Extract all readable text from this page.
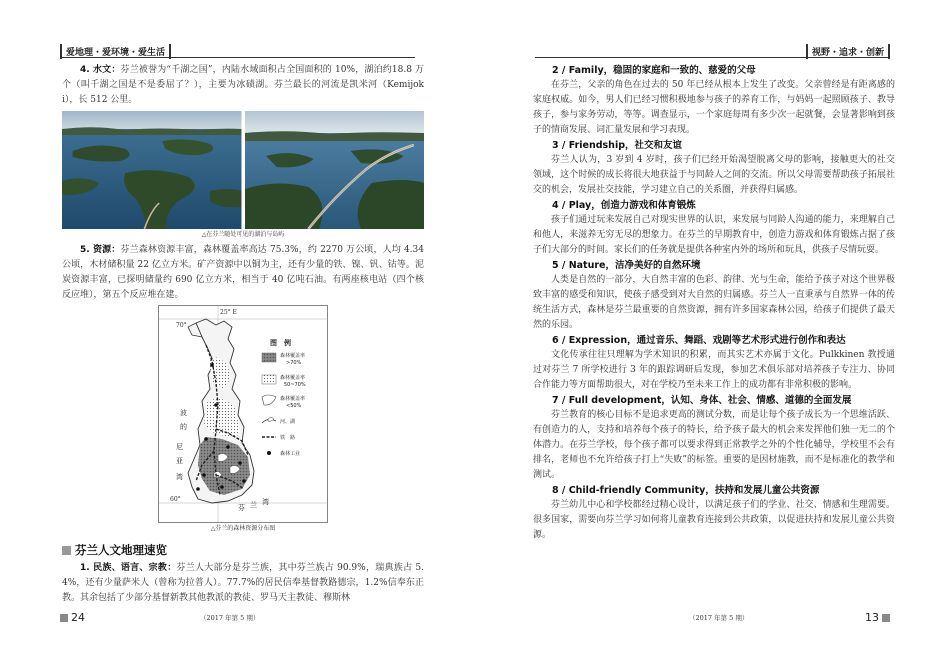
爱地理・爱环境・爱生活

4. 水文：芬兰被誉为“千湖之国”，内陆水域面积占全国面积的 10%，湖泊约18.8 万个（叫千湖之国是不是委屈了？），主要为冰碛湖。芬兰最长的河流是凯米河（Kemijoki），长 512 公里。

△在芬兰随处可见的湖泊与岛屿

5. 资源：芬兰森林资源丰富，森林覆盖率高达 75.3%，约 2270 万公顷，人均 4.34公顷，木材储积量 22 亿立方米。矿产资源中以铜为主，还有少量的铁、镍、钒、钴等。泥炭资源丰富，已探明储量约 690 亿立方米，相当于 40 亿吨石油。有两座核电站（四个核反应堆），第五个反应堆在建。

25° E
70°
60°
波
的
尼
亚
湾
芬 兰 湾
图　例
森林覆盖率
>70%
森林覆盖率
50~70%
森林覆盖率
<50%
河、湖
铁　路
森林工业
△芬兰的森林资源分布图
芬兰人文地理速览

1. 民族、语言、宗教：芬兰人大部分是芬兰族，其中芬兰族占 90.9%，瑞典族占 5.4%，还有少量萨米人（曾称为拉普人）。77.7%的居民信奉基督教路德宗，1.2%信奉东正教。其余包括了少部分基督新教其他教派的教徒、罗马天主教徒、穆斯林

24	（2017 年第 5 期）
视野・追求・创新
2 / Family，稳固的家庭和一致的、慈爱的父母

在芬兰，父亲的角色在过去的 50 年已经从根本上发生了改变。父亲曾经是有距离感的家庭权威。如今，男人们已经习惯积极地参与孩子的养育工作，与妈妈一起照顾孩子、教导孩子，参与家务劳动，等等。调查显示，一个家庭每周有多少次一起就餐，会显著影响到孩子的情商发展、词汇量发展和学习表现。

3 / Friendship，社交和友谊

芬兰人认为，3 岁到 4 岁时，孩子们已经开始渴望脱离父母的影响，接触更大的社交领域，这个时候的成长将很大地获益于与同龄人之间的交流。所以父母需要帮助孩子拓展社交的机会，发展社交技能，学习建立自己的关系圈，并获得归属感。

4 / Play，创造力游戏和体育锻炼

孩子们通过玩来发展自己对现实世界的认识，来发展与同龄人沟通的能力，来理解自己和他人，来滋养无穷无尽的想象力。在芬兰的早期教育中，创造力游戏和体育锻炼占据了孩子们大部分的时间。家长们的任务就是提供各种室内外的场所和玩具，供孩子尽情玩耍。

5 / Nature，洁净美好的自然环境

人类是自然的一部分，大自然丰富的色彩、韵律、光与生命，能给予孩子对这个世界极致丰富的感受和知识，使孩子感受到对大自然的归属感。芬兰人一直秉承与自然界一体的传统生活方式，森林是芬兰最重要的自然资源，拥有许多国家森林公园，给孩子们提供了最天然的乐园。

6 / Expression，通过音乐、舞蹈、戏剧等艺术形式进行创作和表达

文化传承往往只理解为学术知识的积累，而其实艺术亦属于文化。Pulkkinen 教授通过对芬兰 7 所学校进行 3 年的跟踪调研后发现，参加艺术俱乐部对培养孩子专注力、协同合作能力等方面帮助很大，对在学校乃至未来工作上的成功都有非常积极的影响。

7 / Full development，认知、身体、社会、情感、道德的全面发展

芬兰教育的核心目标不是追求更高的测试分数，而是让每个孩子成长为一个思维活跃、有创造力的人，支持和培养每个孩子的特长，给予孩子最大的机会来发挥他们独一无二的个体潜力。在芬兰学校，每个孩子都可以要求得到正常教学之外的个性化辅导，学校里不会有排名，老师也不允许给孩子打上“失败”的标签。重要的是因材施教，而不是标准化的教学和测试。

8 / Child-friendly Community，扶持和发展儿童公共资源

芬兰幼儿中心和学校都经过精心设计，以满足孩子们的学业、社交、情感和生理需要。很多国家，需要向芬兰学习如何将儿童教育连接到公共政策，以促进扶持和发展儿童公共资源。

13
（2017 年第 5 期）
